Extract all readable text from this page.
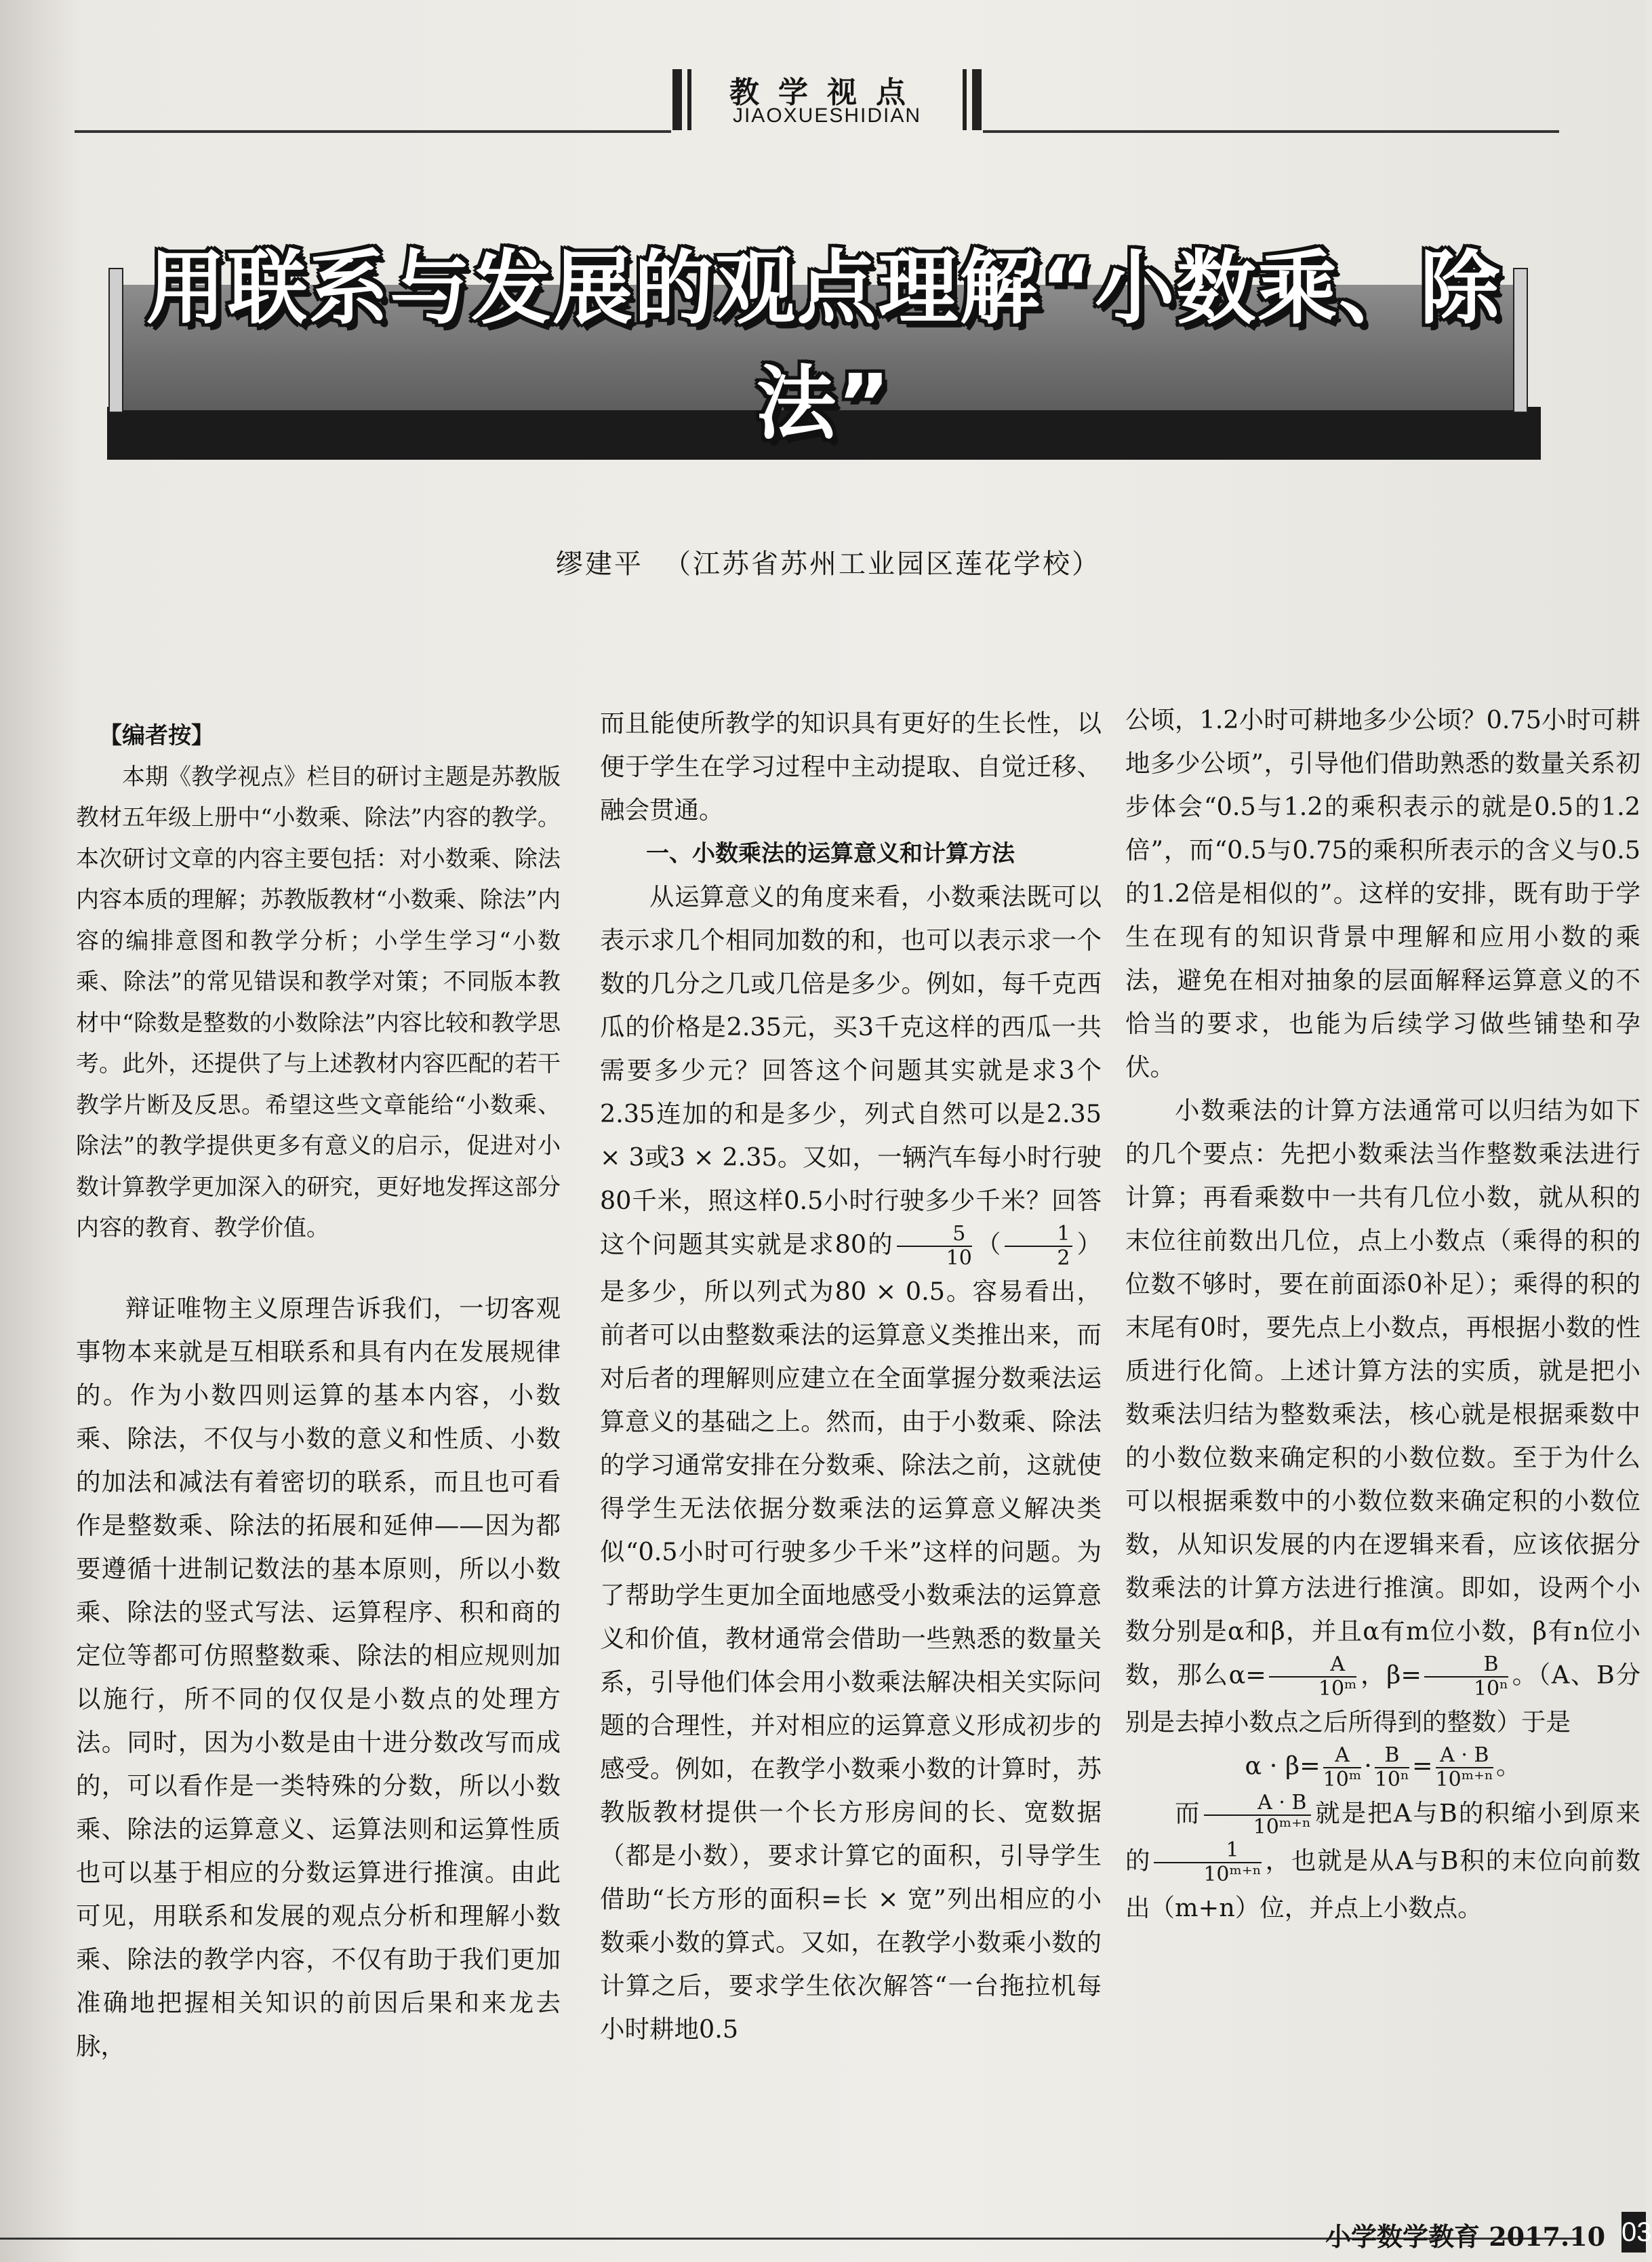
教学视点
JIAOXUESHIDIAN
用联系与发展的观点理解“小数乘、除法”
缪建平 （江苏省苏州工业园区莲花学校）

【编者按】

本期《教学视点》栏目的研讨主题是苏教版教材五年级上册中“小数乘、除法”内容的教学。本次研讨文章的内容主要包括：对小数乘、除法内容本质的理解；苏教版教材“小数乘、除法”内容的编排意图和教学分析；小学生学习“小数乘、除法”的常见错误和教学对策；不同版本教材中“除数是整数的小数除法”内容比较和教学思考。此外，还提供了与上述教材内容匹配的若干教学片断及反思。希望这些文章能给“小数乘、除法”的教学提供更多有意义的启示，促进对小数计算教学更加深入的研究，更好地发挥这部分内容的教育、教学价值。

辩证唯物主义原理告诉我们，一切客观事物本来就是互相联系和具有内在发展规律的。作为小数四则运算的基本内容，小数乘、除法，不仅与小数的意义和性质、小数的加法和减法有着密切的联系，而且也可看作是整数乘、除法的拓展和延伸——因为都要遵循十进制记数法的基本原则，所以小数乘、除法的竖式写法、运算程序、积和商的定位等都可仿照整数乘、除法的相应规则加以施行，所不同的仅仅是小数点的处理方法。同时，因为小数是由十进分数改写而成的，可以看作是一类特殊的分数，所以小数乘、除法的运算意义、运算法则和运算性质也可以基于相应的分数运算进行推演。由此可见，用联系和发展的观点分析和理解小数乘、除法的教学内容，不仅有助于我们更加准确地把握相关知识的前因后果和来龙去脉，

而且能使所教学的知识具有更好的生长性，以便于学生在学习过程中主动提取、自觉迁移、融会贯通。

一、小数乘法的运算意义和计算方法

从运算意义的角度来看，小数乘法既可以表示求几个相同加数的和，也可以表示求一个数的几分之几或几倍是多少。例如，每千克西瓜的价格是2.35元，买3千克这样的西瓜一共需要多少元？回答这个问题其实就是求3个2.35连加的和是多少，列式自然可以是2.35 × 3或3 × 2.35。又如，一辆汽车每小时行驶80千米，照这样0.5小时行驶多少千米？回答这个问题其实就是求80的 $\frac{5}{10}$ （ $\frac{1}{2}$ ）是多少，所以列式为80 × 0.5。容易看出，前者可以由整数乘法的运算意义类推出来，而对后者的理解则应建立在全面掌握分数乘法运算意义的基础之上。然而，由于小数乘、除法的学习通常安排在分数乘、除法之前，这就使得学生无法依据分数乘法的运算意义解决类似“0.5小时可行驶多少千米”这样的问题。为了帮助学生更加全面地感受小数乘法的运算意义和价值，教材通常会借助一些熟悉的数量关系，引导他们体会用小数乘法解决相关实际问题的合理性，并对相应的运算意义形成初步的感受。例如，在教学小数乘小数的计算时，苏教版教材提供一个长方形房间的长、宽数据（都是小数），要求计算它的面积，引导学生借助“长方形的面积=长 × 宽”列出相应的小数乘小数的算式。又如，在教学小数乘小数的计算之后，要求学生依次解答“一台拖拉机每小时耕地0.5

公顷，1.2小时可耕地多少公顷？0.75小时可耕地多少公顷”，引导他们借助熟悉的数量关系初步体会“0.5与1.2的乘积表示的就是0.5的1.2倍”，而“0.5与0.75的乘积所表示的含义与0.5的1.2倍是相似的”。这样的安排，既有助于学生在现有的知识背景中理解和应用小数的乘法，避免在相对抽象的层面解释运算意义的不恰当的要求，也能为后续学习做些铺垫和孕伏。

小数乘法的计算方法通常可以归结为如下的几个要点：先把小数乘法当作整数乘法进行计算；再看乘数中一共有几位小数，就从积的末位往前数出几位，点上小数点（乘得的积的位数不够时，要在前面添0补足）；乘得的积的末尾有0时，要先点上小数点，再根据小数的性质进行化简。上述计算方法的实质，就是把小数乘法归结为整数乘法，核心就是根据乘数中的小数位数来确定积的小数位数。至于为什么可以根据乘数中的小数位数来确定积的小数位数，从知识发展的内在逻辑来看，应该依据分数乘法的计算方法进行推演。即如，设两个小数分别是α和β，并且α有m位小数，β有n位小数，那么$\alpha= \frac{A}{\text{10ᵐ}}$ ，$\beta= \frac{B}{\text{10ⁿ}}$ 。（A、B分别是去掉小数点之后所得到的整数）于是

$\alpha \cdot \beta= \frac{A}{\text{10ᵐ}} \cdot \frac{B}{\text{10ⁿ}} = \frac{A \cdot B}{\text{10ᵐ⁺ⁿ}}$ 。

而 $\frac{A \cdot B}{\text{10ᵐ⁺ⁿ}}$ 就是把A与B的积缩小到原来的 $\frac{1}{\text{10ᵐ⁺ⁿ}}$ ，也就是从A与B积的末位向前数出（m+n）位，并点上小数点。

小学数学教育 2017.10 03
